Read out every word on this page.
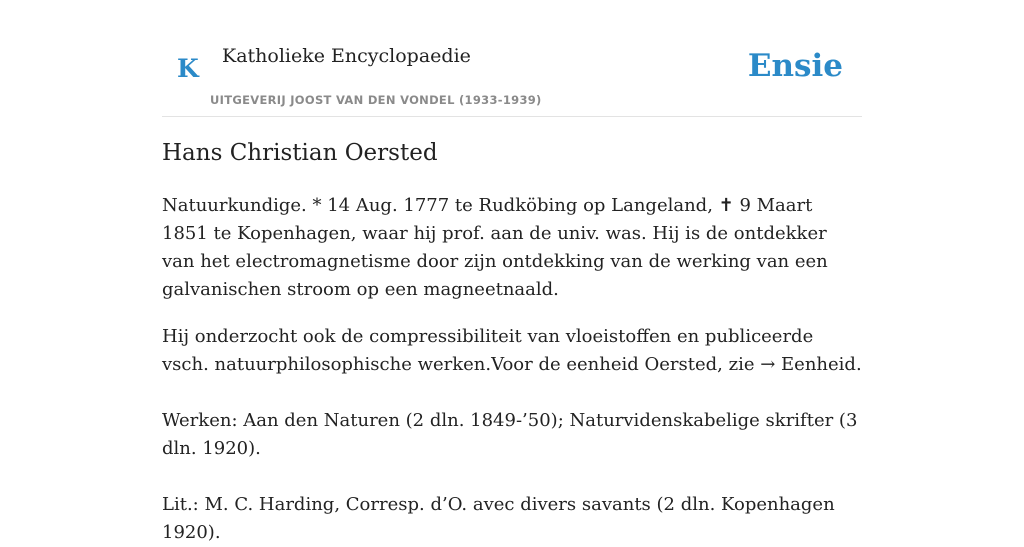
K Katholieke Encyclopaedie
UITGEVERIJ JOOST VAN DEN VONDEL (1933-1939)
Ensie
Hans Christian Oersted

Natuurkundige. * 14 Aug. 1777 te Rudköbing op Langeland, ✝ 9 Maart 1851 te Kopenhagen, waar hij prof. aan de univ. was. Hij is de ontdekker van het electromagnetisme door zijn ontdekking van de werking van een galvanischen stroom op een magneetnaald.

Hij onderzocht ook de compressibiliteit van vloeistoffen en publiceerde vsch. natuurphilosophische werken.Voor de eenheid Oersted, zie → Eenheid.

Werken: Aan den Naturen (2 dln. 1849-’50); Naturvidenskabelige skrifter (3 dln. 1920).

Lit.: M. C. Harding, Corresp. d’O. avec divers savants (2 dln. Kopenhagen 1920).
